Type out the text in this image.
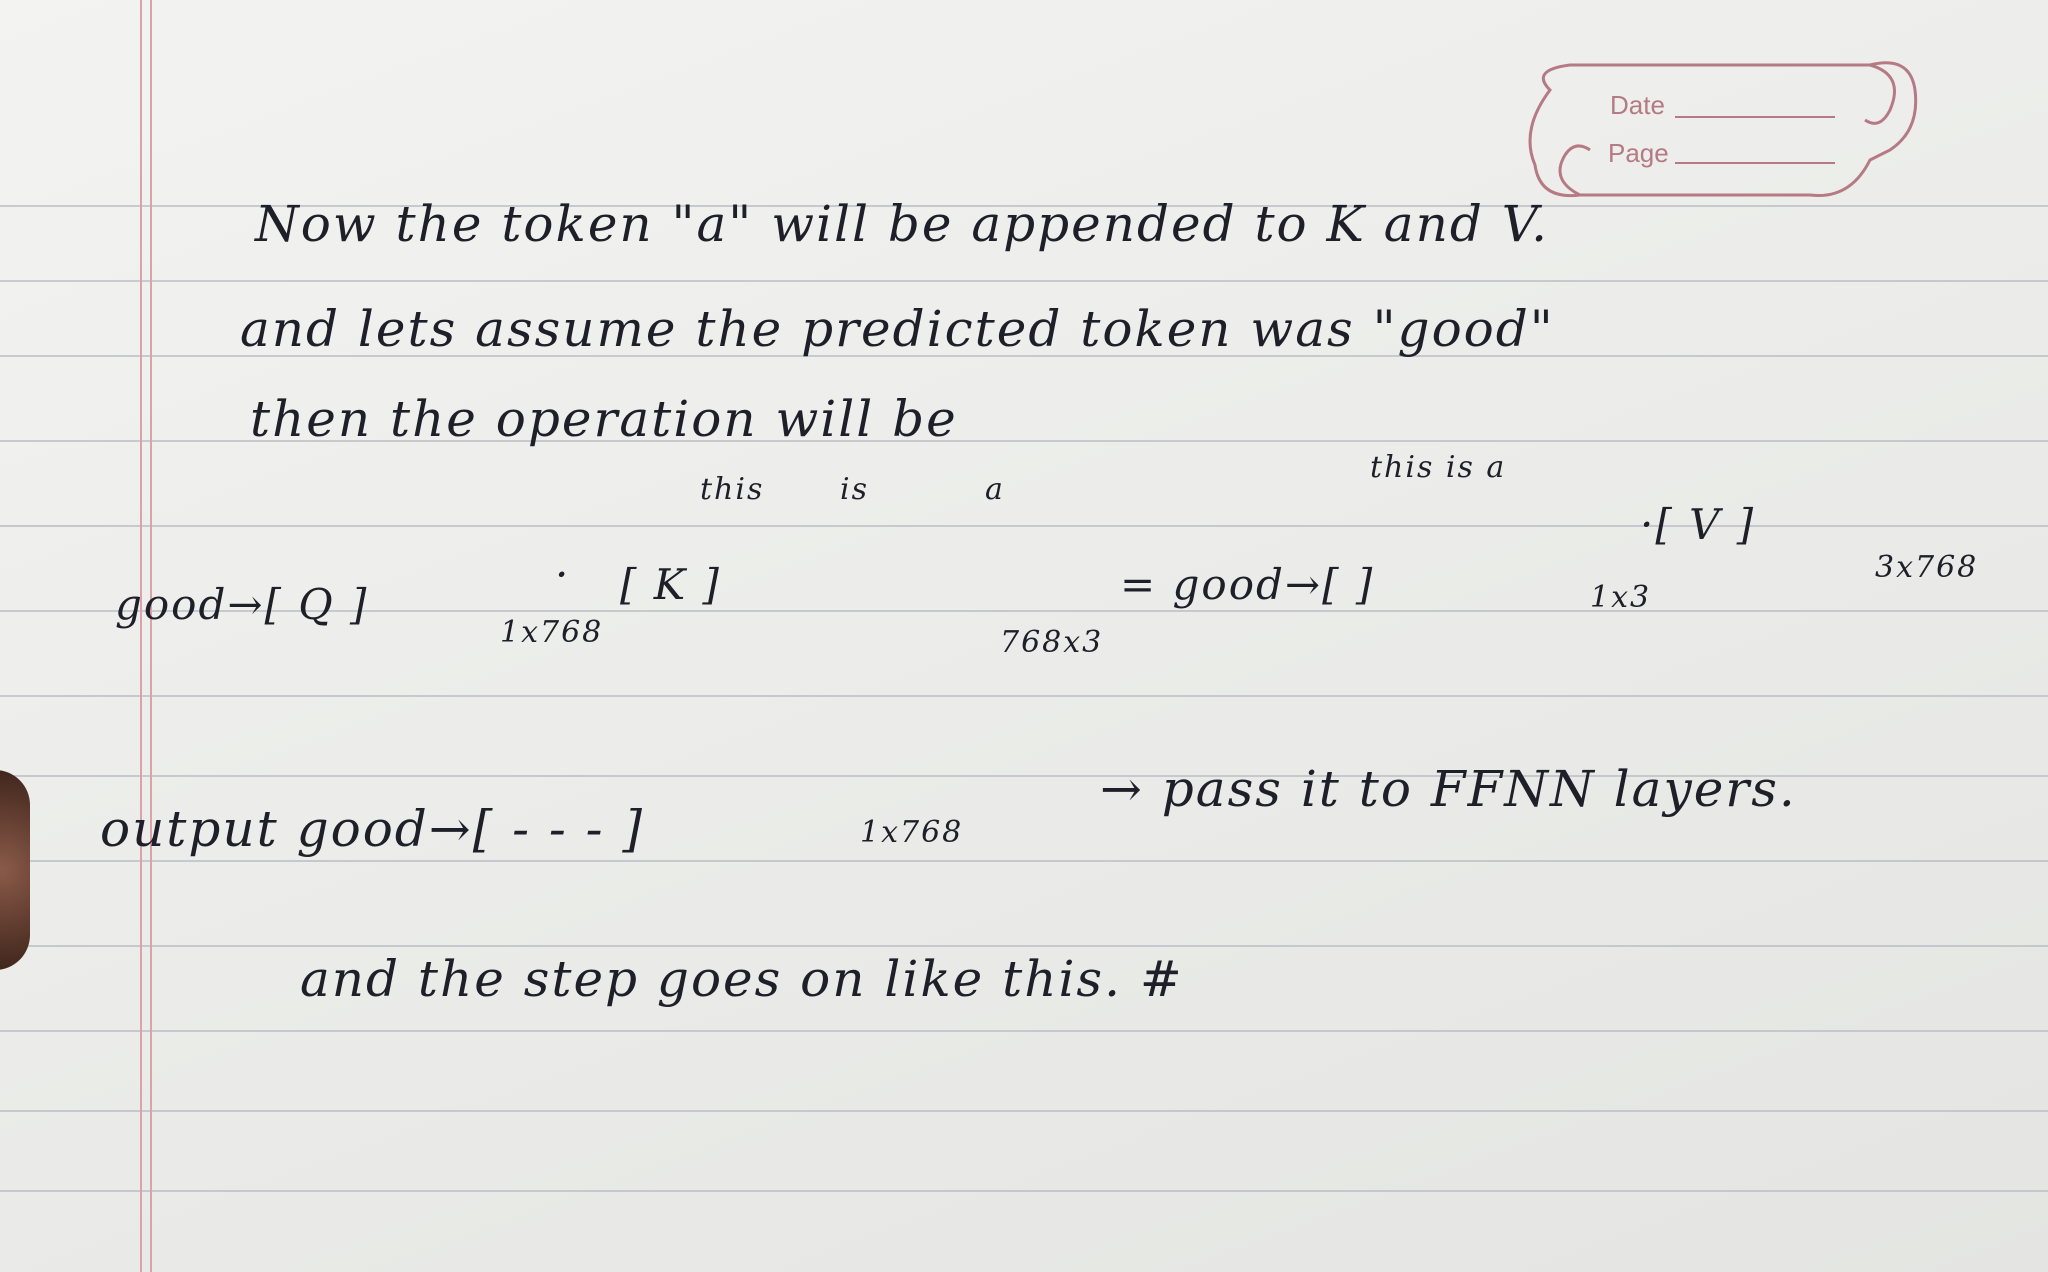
Date
Page
Now the token "a" will be appended to K and V.
and lets assume the predicted token was "good"
then the operation will be
good→[ Q ]
1x768
·
this	is	a
[ K ]
768x3
this is a
= good→[ ]	1x3
·[ V ]
3x768
output good→[ - - - ]	1x768
→ pass it to FFNN layers.
and the step goes on like this. #
